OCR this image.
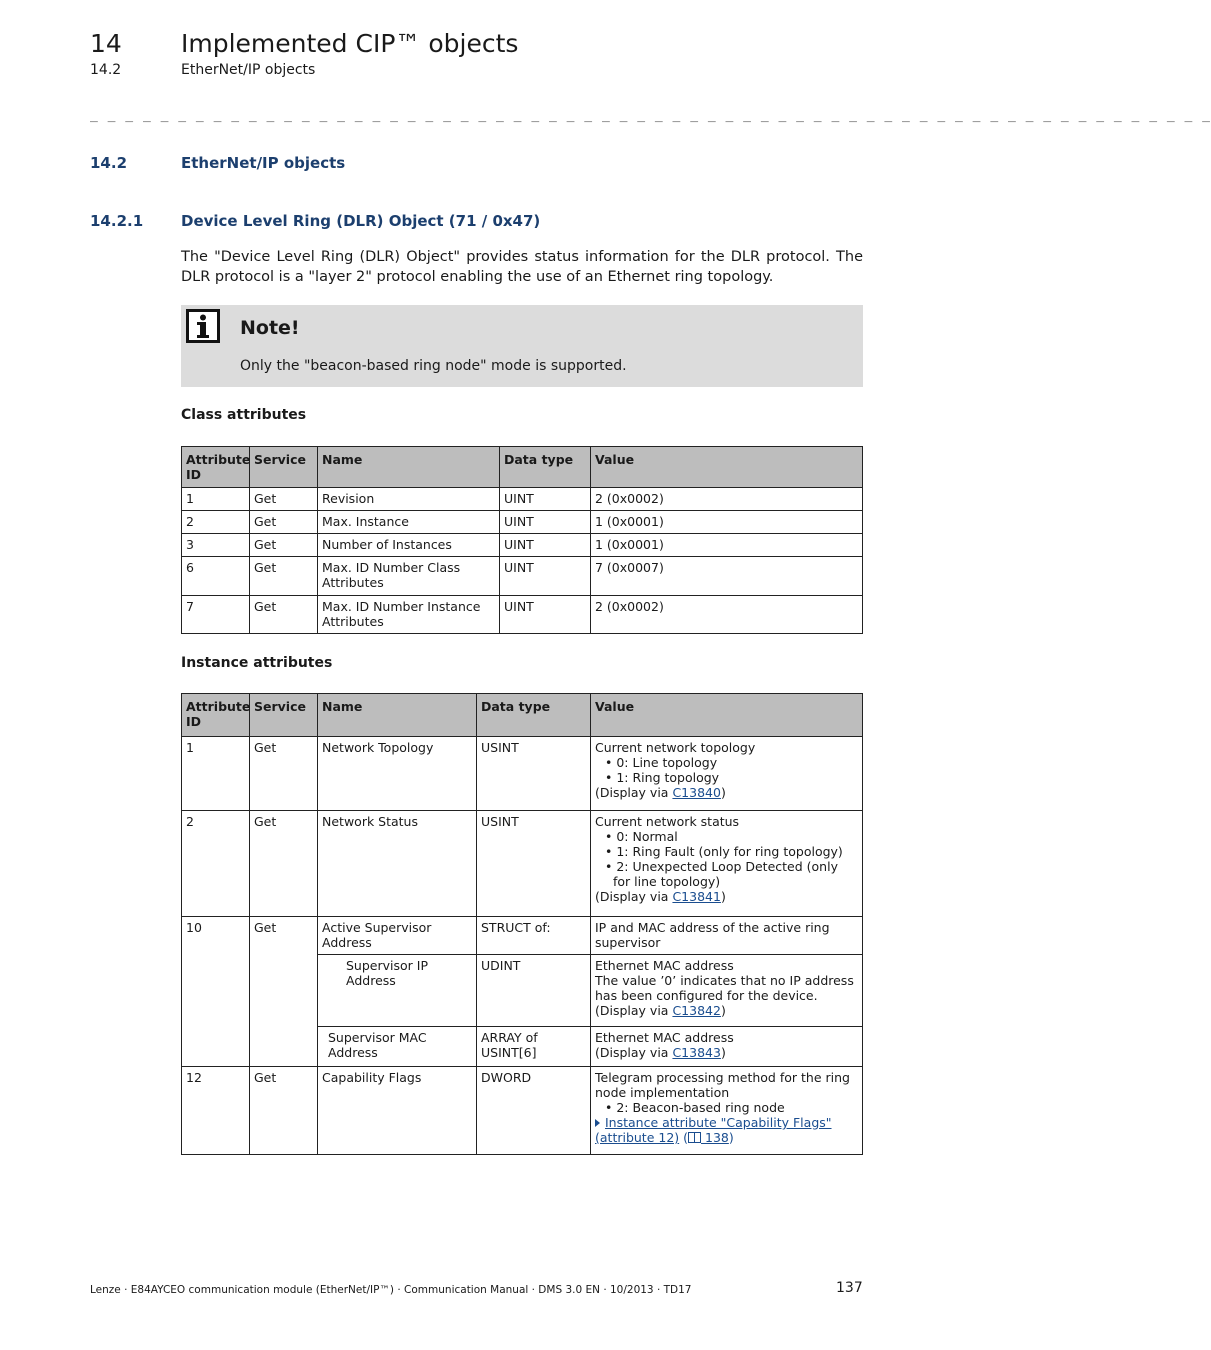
14 Implemented CIP™ objects
14.2	EtherNet/IP objects
_ _ _ _ _ _ _ _ _ _ _ _ _ _ _ _ _ _ _ _ _ _ _ _ _ _ _ _ _ _ _ _ _ _ _ _ _ _ _ _ _ _ _ _ _ _ _ _ _ _ _ _ _ _ _ _ _ _ _ _ _ _ _ _
14.2	EtherNet/IP objects
14.2.1	Device Level Ring (DLR) Object (71 / 0x47)
The "Device Level Ring (DLR) Object" provides status information for the DLR protocol. The DLR protocol is a "layer 2" protocol enabling the use of an Ethernet ring topology.
Note!
Only the "beacon-based ring node" mode is supported.
Class attributes
Attribute ID	Service	Name	Data type	Value
1	Get	Revision	UINT	2 (0x0002)
2	Get	Max. Instance	UINT	1 (0x0001)
3	Get	Number of Instances	UINT	1 (0x0001)
6	Get	Max. ID Number Class Attributes	UINT	7 (0x0007)
7	Get	Max. ID Number Instance Attributes	UINT	2 (0x0002)
Instance attributes
Attribute ID	Service	Name	Data type	Value
1	Get	Network Topology	USINT	Current network topology
• 0: Line topology
• 1: Ring topology
(Display via C13840)

2	Get	Network Status	USINT	Current network status
• 0: Normal
• 1: Ring Fault (only for ring topology)
• 2: Unexpected Loop Detected (only for line topology)
(Display via C13841)

10	Get	Active Supervisor Address	STRUCT of:	IP and MAC address of the active ring supervisor
		Supervisor IP Address	UDINT	Ethernet MAC address
The value ’0’ indicates that no IP address has been configured for the device.
(Display via C13842)

		Supervisor MAC Address	ARRAY of USINT[6]	Ethernet MAC address
(Display via C13843)

12	Get	Capability Flags	DWORD	Telegram processing method for the ring node implementation
• 2: Beacon-based ring node
Instance attribute "Capability Flags" (attribute 12) ( 138)
Lenze · E84AYCEO communication module (EtherNet/IP™) · Communication Manual · DMS 3.0 EN · 10/2013 · TD17	137
